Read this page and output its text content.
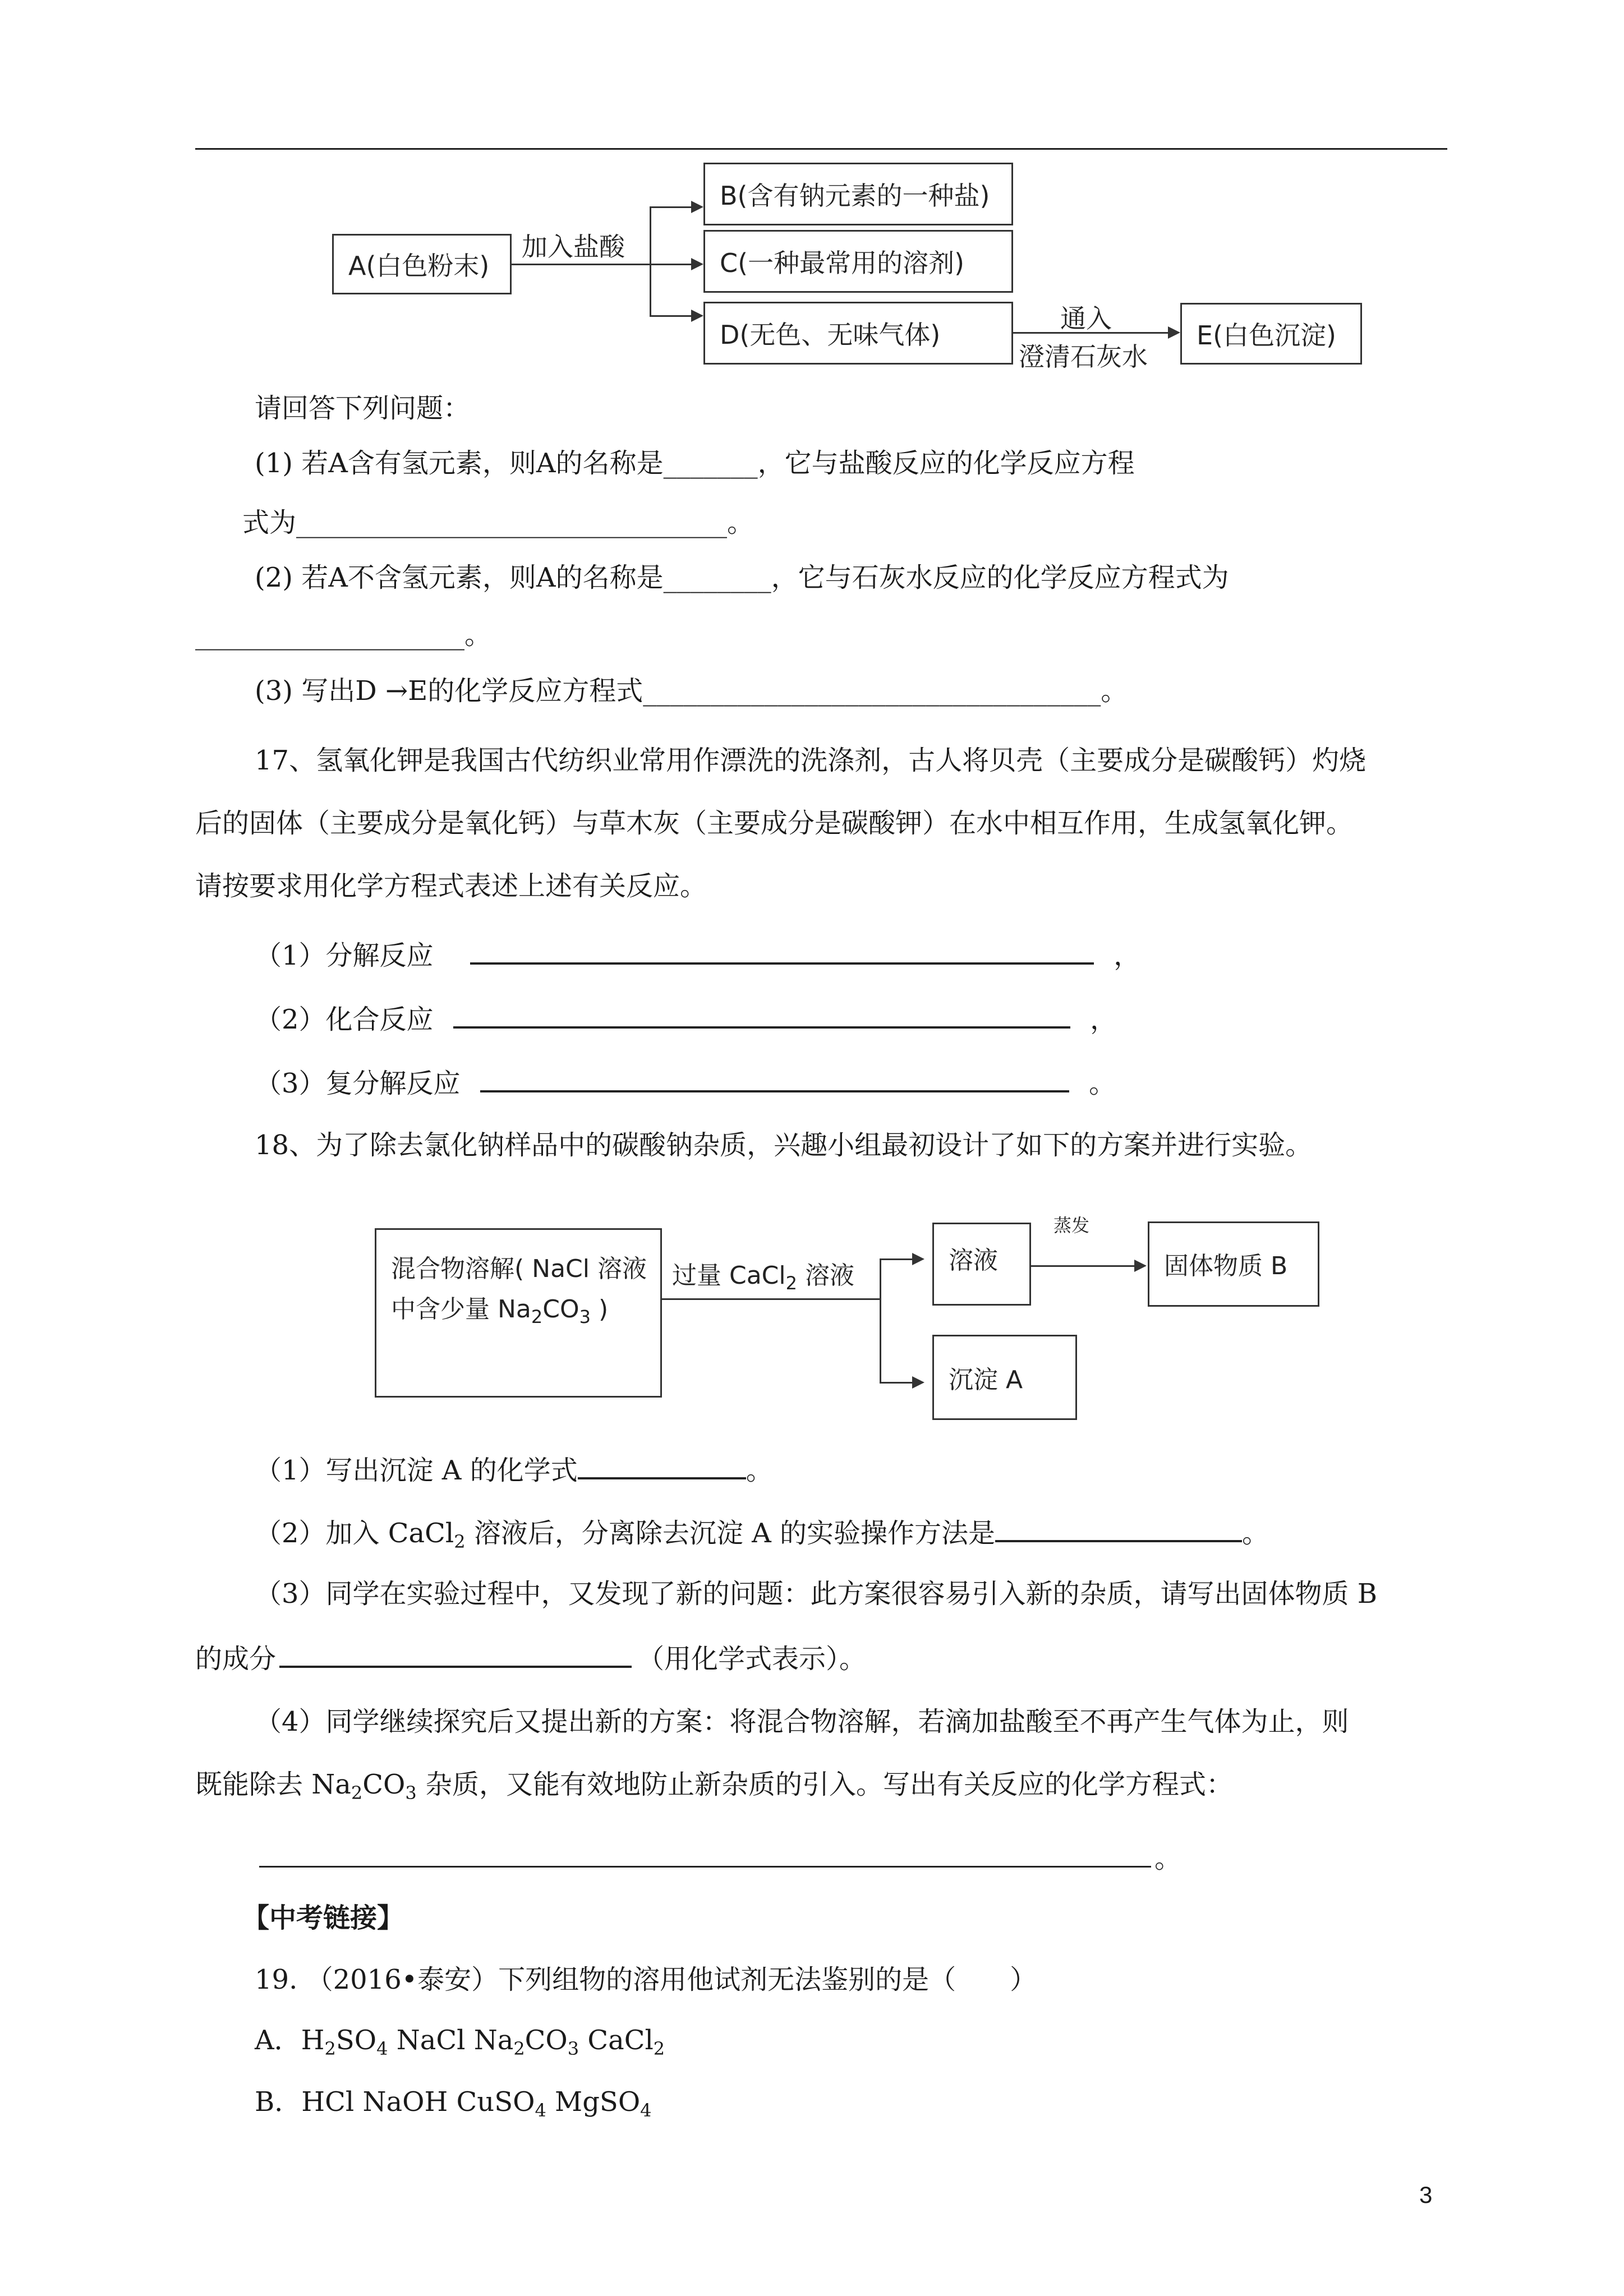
A(白色粉末)
加入盐酸
B(含有钠元素的一种盐)
C(一种最常用的溶剂)
D(无色、无味气体)
通入
澄清石灰水
E(白色沉淀)
请回答下列问题：
(1) 若A含有氢元素，则A的名称是_______，它与盐酸反应的化学反应方程
式为________________________________。
(2) 若A不含氢元素，则A的名称是________，它与石灰水反应的化学反应方程式为
____________________。
(3) 写出D →E的化学反应方程式__________________________________。
17、氢氧化钾是我国古代纺织业常用作漂洗的洗涤剂，古人将贝壳（主要成分是碳酸钙）灼烧
后的固体（主要成分是氧化钙）与草木灰（主要成分是碳酸钾）在水中相互作用，生成氢氧化钾。
请按要求用化学方程式表述上述有关反应。
（1）分解反应	，
（2）化合反应	，
（3）复分解反应	。
18、为了除去氯化钠样品中的碳酸钠杂质，兴趣小组最初设计了如下的方案并进行实验。
混合物溶解( NaCl 溶液
中含少量 $Na_2CO_3$ )
过量 CaCl$_2$ 溶液
溶液
沉淀 A
蒸发
固体物质 B
（1）写出沉淀 A 的化学式	。
（2）加入 CaCl$_2$ 溶液后，分离除去沉淀 A 的实验操作方法是	。
（3）同学在实验过程中，又发现了新的问题：此方案很容易引入新的杂质，请写出固体物质 B
的成分	（用化学式表示）。
（4）同学继续探究后又提出新的方案：将混合物溶解，若滴加盐酸至不再产生气体为止，则
既能除去 $Na_2CO_3$ 杂质，又能有效地防止新杂质的引入。写出有关反应的化学方程式：
。
【中考链接】
19. （2016•泰安）下列组物的溶用他试剂无法鉴别的是（　　）
A．$H_2SO_4$ NaCl $Na_2CO_3$ CaCl$_2$
B．HCl NaOH CuSO$_4$ MgSO$_4$
3
